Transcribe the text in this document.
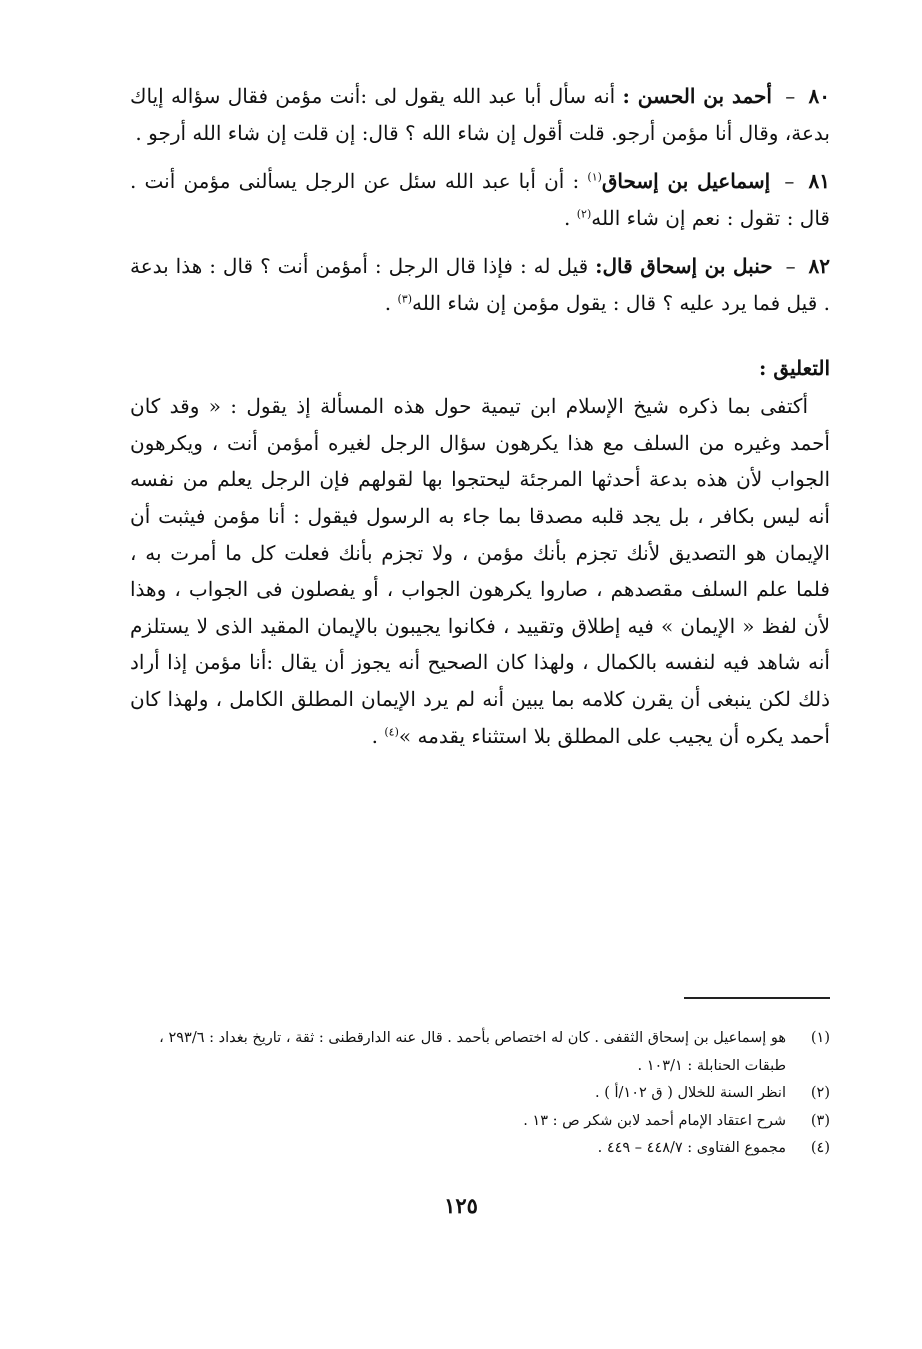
٨٠ – أحمد بن الحسن : أنه سأل أبا عبد الله يقول لى :أنت مؤمن فقال سؤاله إياك بدعة، وقال أنا مؤمن أرجو. قلت أقول إن شاء الله ؟ قال: إن قلت إن شاء الله أرجو .

٨١ – إسماعيل بن إسحاق$^{(١)}$ : أن أبا عبد الله سئل عن الرجل يسألنى مؤمن أنت . قال : تقول : نعم إن شاء الله$^{(٢)}$ .

٨٢ – حنبل بن إسحاق قال: قيل له : فإذا قال الرجل : أمؤمن أنت ؟ قال : هذا بدعة . قيل فما يرد عليه ؟ قال : يقول مؤمن إن شاء الله$^{(٣)}$ .

التعليق :

أكتفى بما ذكره شيخ الإسلام ابن تيمية حول هذه المسألة إذ يقول : « وقد كان أحمد وغيره من السلف مع هذا يكرهون سؤال الرجل لغيره أمؤمن أنت ، ويكرهون الجواب لأن هذه بدعة أحدثها المرجئة ليحتجوا بها لقولهم فإن الرجل يعلم من نفسه أنه ليس بكافر ، بل يجد قلبه مصدقا بما جاء به الرسول فيقول : أنا مؤمن فيثبت أن الإيمان هو التصديق لأنك تجزم بأنك مؤمن ، ولا تجزم بأنك فعلت كل ما أمرت به ، فلما علم السلف مقصدهم ، صاروا يكرهون الجواب ، أو يفصلون فى الجواب ، وهذا لأن لفظ « الإيمان » فيه إطلاق وتقييد ، فكانوا يجيبون بالإيمان المقيد الذى لا يستلزم أنه شاهد فيه لنفسه بالكمال ، ولهذا كان الصحيح أنه يجوز أن يقال :أنا مؤمن إذا أراد ذلك لكن ينبغى أن يقرن كلامه بما يبين أنه لم يرد الإيمان المطلق الكامل ، ولهذا كان أحمد يكره أن يجيب على المطلق بلا استثناء يقدمه »$^{(٤)}$ .

(١)
هو إسماعيل بن إسحاق الثقفى . كان له اختصاص بأحمد . قال عنه الدارقطنى : ثقة ، تاريخ بغداد : ٢٩٣/٦ ، طبقات الحنابلة : ١٠٣/١ .
(٢)
انظر السنة للخلال ( ق ١٠٢/أ ) .
(٣)
شرح اعتقاد الإمام أحمد لابن شكر ص : ١٣ .
(٤)
مجموع الفتاوى : ٤٤٨/٧ – ٤٤٩ .
١٢٥
